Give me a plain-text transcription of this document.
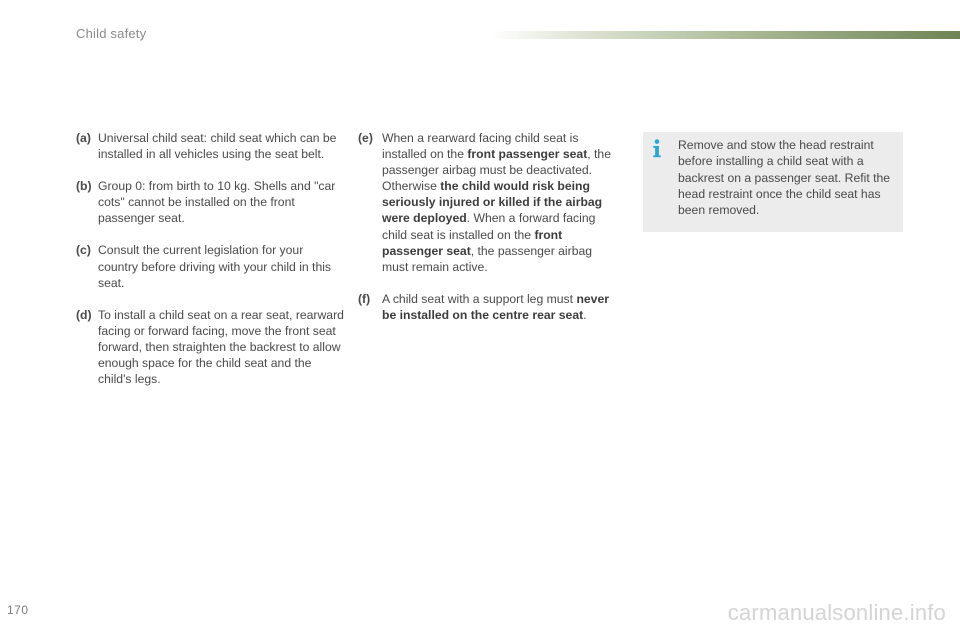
Child safety
(a) Universal child seat: child seat which can be installed in all vehicles using the seat belt.
(b) Group 0: from birth to 10 kg. Shells and "car cots" cannot be installed on the front passenger seat.
(c) Consult the current legislation for your country before driving with your child in this seat.
(d) To install a child seat on a rear seat, rearward facing or forward facing, move the front seat forward, then straighten the backrest to allow enough space for the child seat and the child's legs.
(e) When a rearward facing child seat is installed on the front passenger seat, the passenger airbag must be deactivated. Otherwise the child would risk being seriously injured or killed if the airbag were deployed. When a forward facing child seat is installed on the front passenger seat, the passenger airbag must remain active.
(f) A child seat with a support leg must never be installed on the centre rear seat.
Remove and stow the head restraint before installing a child seat with a backrest on a passenger seat. Refit the head restraint once the child seat has been removed.
170	carmanualsonline.info
